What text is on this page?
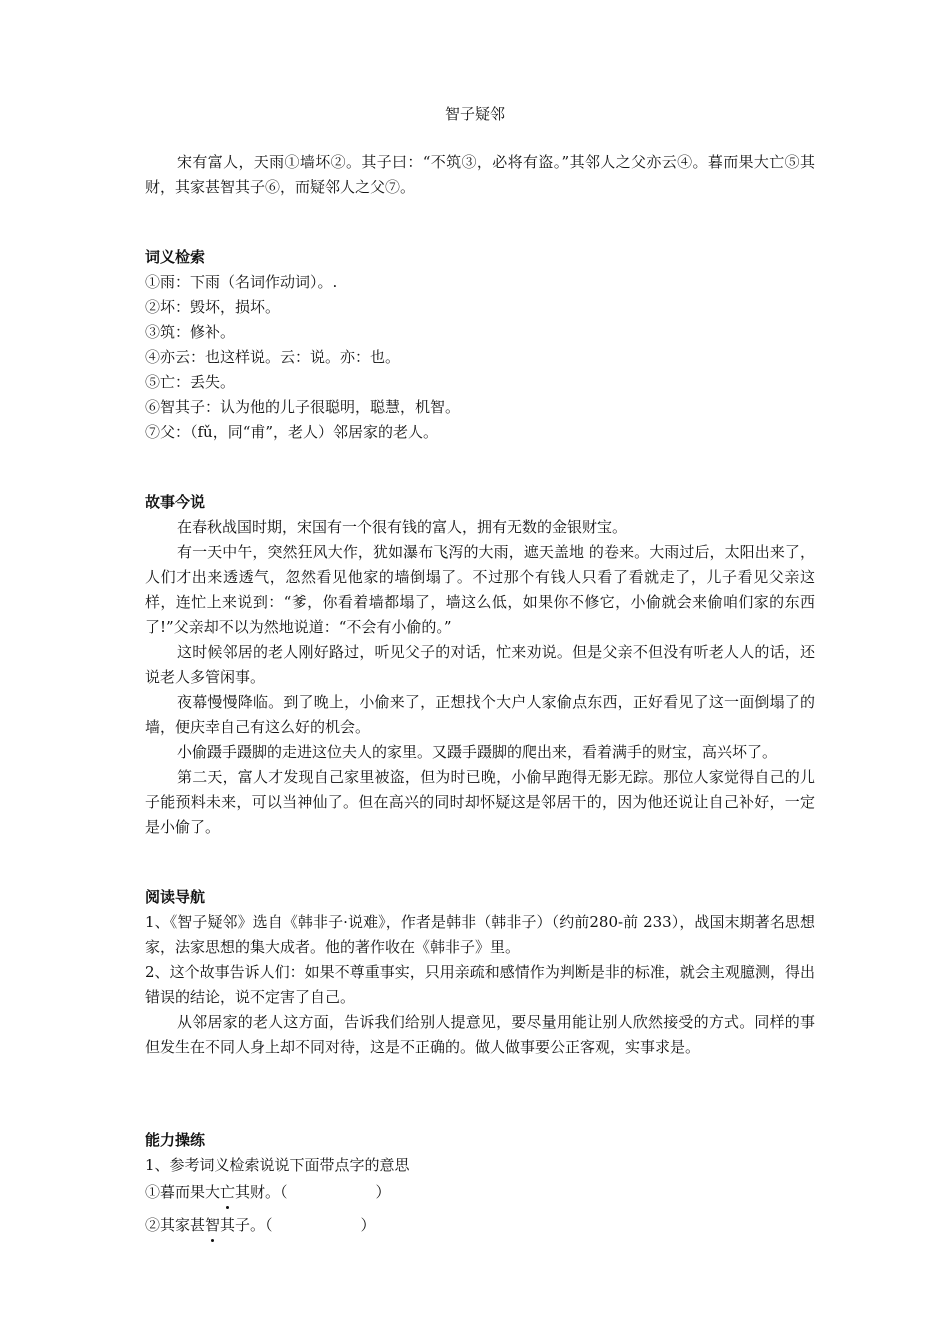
智子疑邻

宋有富人，天雨①墙坏②。其子曰：“不筑③，必将有盗。”其邻人之父亦云④。暮而果大亡⑤其财，其家甚智其子⑥，而疑邻人之父⑦。

词义检索

①雨：下雨（名词作动词）。.

②坏：毁坏，损坏。

③筑：修补。

④亦云：也这样说。云：说。亦：也。

⑤亡：丢失。

⑥智其子：认为他的儿子很聪明，聪慧，机智。

⑦父：（fǔ，同“甫”，老人）邻居家的老人。

故事今说

在春秋战国时期，宋国有一个很有钱的富人，拥有无数的金银财宝。

有一天中午，突然狂风大作，犹如瀑布飞泻的大雨，遮天盖地 的卷来。大雨过后，太阳出来了，人们才出来透透气，忽然看见他家的墙倒塌了。不过那个有钱人只看了看就走了，儿子看见父亲这样，连忙上来说到：“爹，你看着墙都塌了，墙这么低，如果你不修它，小偷就会来偷咱们家的东西了!”父亲却不以为然地说道：“不会有小偷的。”

这时候邻居的老人刚好路过，听见父子的对话，忙来劝说。但是父亲不但没有听老人人的话，还说老人多管闲事。

夜幕慢慢降临。到了晚上，小偷来了，正想找个大户人家偷点东西，正好看见了这一面倒塌了的墙，便庆幸自己有这么好的机会。

小偷蹑手蹑脚的走进这位夫人的家里。又蹑手蹑脚的爬出来，看着满手的财宝，高兴坏了。

第二天，富人才发现自己家里被盗，但为时已晚，小偷早跑得无影无踪。那位人家觉得自己的儿子能预料未来，可以当神仙了。但在高兴的同时却怀疑这是邻居干的，因为他还说让自己补好，一定是小偷了。

阅读导航

1、《智子疑邻》选自《韩非子·说难》，作者是韩非（韩非子）（约前280-前 233），战国末期著名思想家，法家思想的集大成者。他的著作收在《韩非子》里。

2、这个故事告诉人们：如果不尊重事实，只用亲疏和感情作为判断是非的标准，就会主观臆测，得出错误的结论，说不定害了自己。

从邻居家的老人这方面，告诉我们给别人提意见，要尽量用能让别人欣然接受的方式。同样的事但发生在不同人身上却不同对待，这是不正确的。做人做事要公正客观，实事求是。

能力操练

1、参考词义检索说说下面带点字的意思

①暮而果大亡其财。（	）

②其家甚智其子。（	）
